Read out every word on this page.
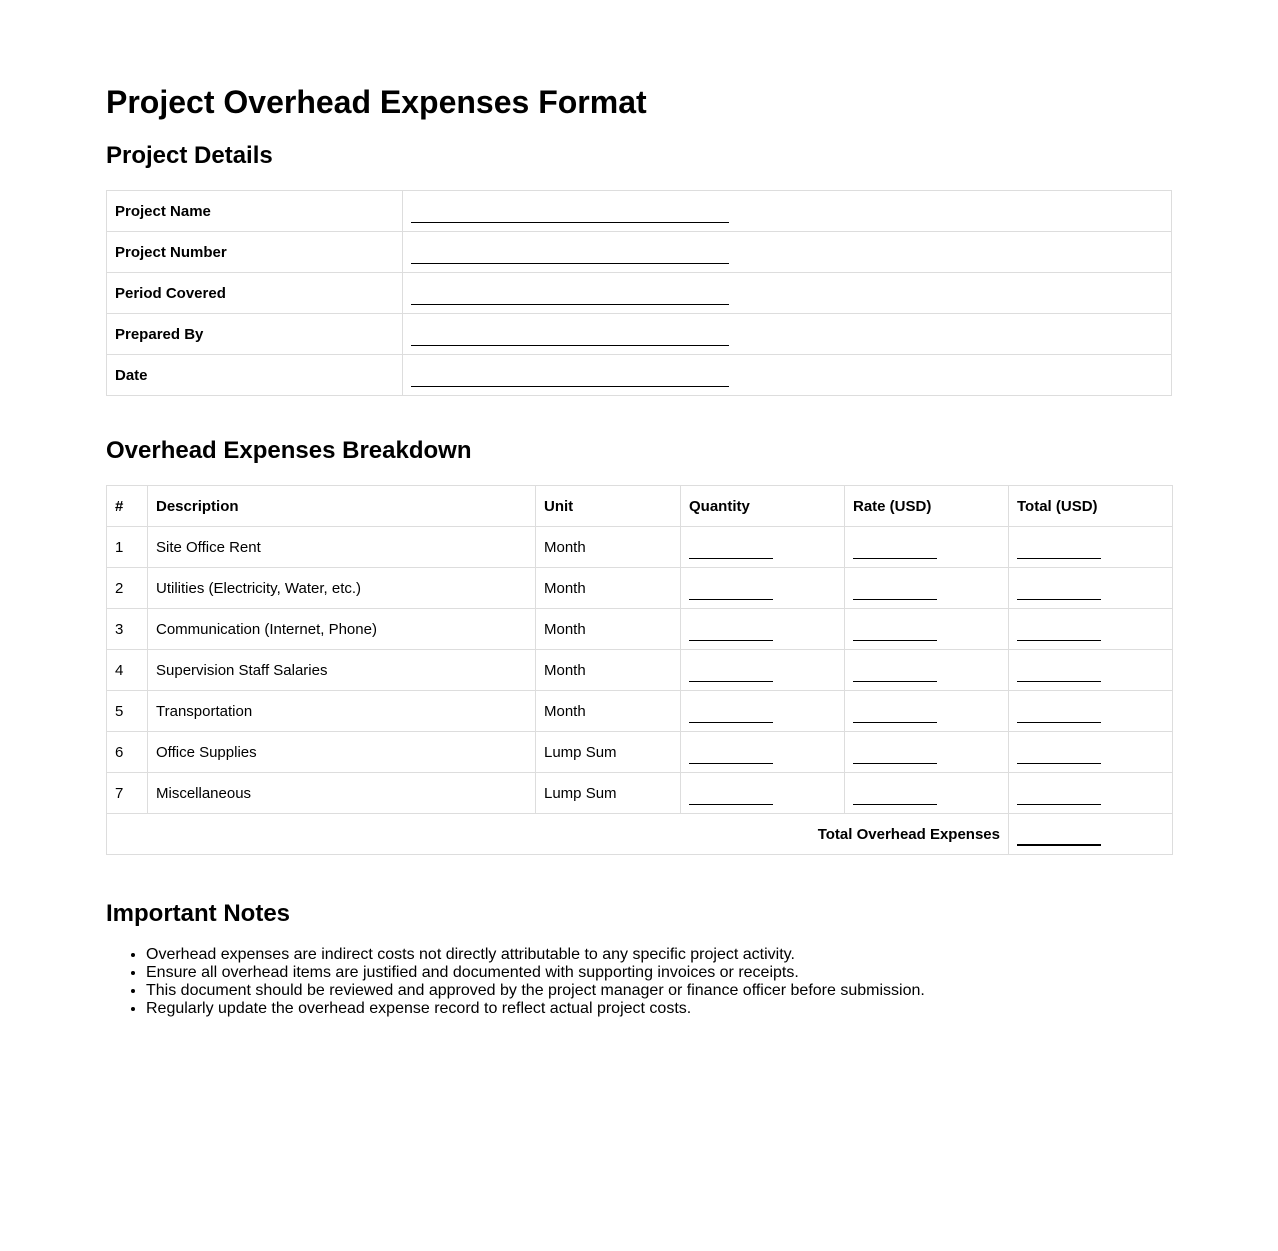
Project Overhead Expenses Format
Project Details
Project Name	
Project Number	
Period Covered	
Prepared By	
Date	
Overhead Expenses Breakdown
#	Description	Unit	Quantity	Rate (USD)	Total (USD)
1	Site Office Rent	Month			
2	Utilities (Electricity, Water, etc.)	Month			
3	Communication (Internet, Phone)	Month			
4	Supervision Staff Salaries	Month			
5	Transportation	Month			
6	Office Supplies	Lump Sum			
7	Miscellaneous	Lump Sum			
Total Overhead Expenses					
Important Notes
• Overhead expenses are indirect costs not directly attributable to any specific project activity.
• Ensure all overhead items are justified and documented with supporting invoices or receipts.
• This document should be reviewed and approved by the project manager or finance officer before submission.
• Regularly update the overhead expense record to reflect actual project costs.
